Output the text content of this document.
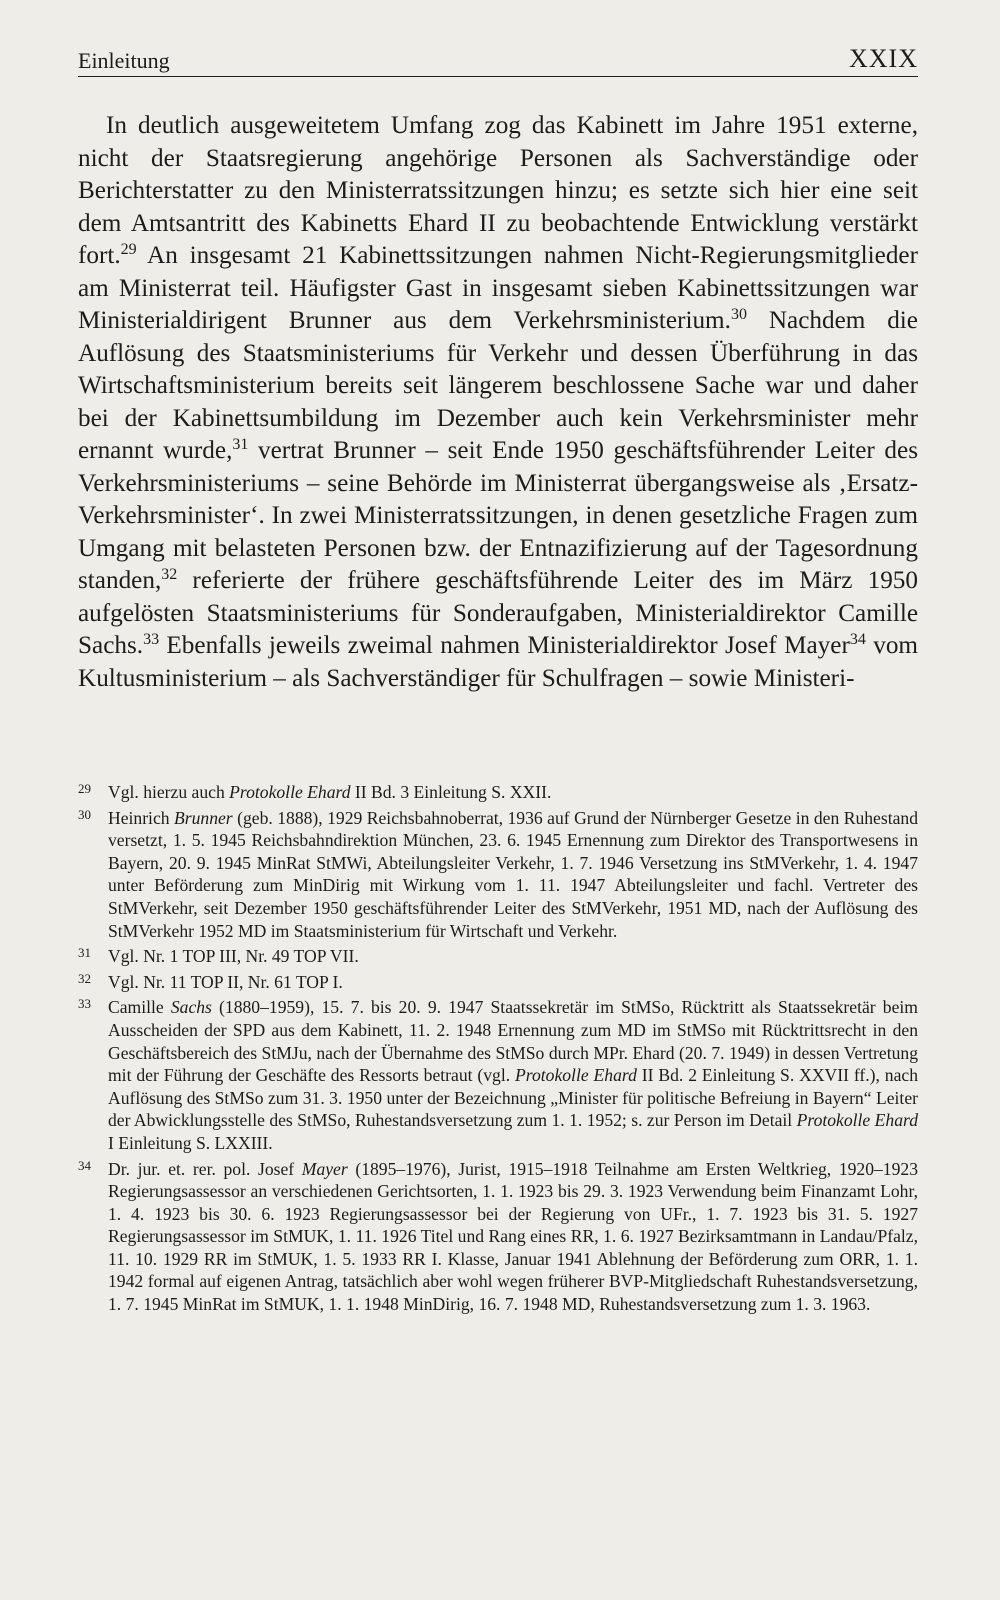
Einleitung	XXIX

In deutlich ausgeweitetem Umfang zog das Kabinett im Jahre 1951 externe, nicht der Staatsregierung angehörige Personen als Sachverständige oder Berichterstatter zu den Ministerratssitzungen hinzu; es setzte sich hier eine seit dem Amtsantritt des Kabinetts Ehard II zu beobachtende Entwicklung verstärkt fort.$^{29}$ An insgesamt 21 Kabinettssitzungen nahmen Nicht-Regierungsmitglieder am Ministerrat teil. Häufigster Gast in insgesamt sieben Kabinettssitzungen war Ministerialdirigent Brunner aus dem Verkehrsministerium.$^{30}$ Nachdem die Auflösung des Staatsministeriums für Verkehr und dessen Überführung in das Wirtschaftsministerium bereits seit längerem beschlossene Sache war und daher bei der Kabinettsumbildung im Dezember auch kein Verkehrsminister mehr ernannt wurde,$^{31}$ vertrat Brunner – seit Ende 1950 geschäftsführender Leiter des Verkehrsministeriums – seine Behörde im Ministerrat übergangsweise als ‚Ersatz-Verkehrsminister‘. In zwei Ministerratssitzungen, in denen gesetzliche Fragen zum Umgang mit belasteten Personen bzw. der Entnazifizierung auf der Tagesordnung standen,$^{32}$ referierte der frühere geschäftsführende Leiter des im März 1950 aufgelösten Staatsministeriums für Sonderaufgaben, Ministerialdirektor Camille Sachs.$^{33}$ Ebenfalls jeweils zweimal nahmen Ministerialdirektor Josef Mayer$^{34}$ vom Kultusministerium – als Sachverständiger für Schulfragen – sowie Ministeri-

29 Vgl. hierzu auch Protokolle Ehard II Bd. 3 Einleitung S. XXII.
30 Heinrich Brunner (geb. 1888), 1929 Reichsbahnoberrat, 1936 auf Grund der Nürnberger Gesetze in den Ruhestand versetzt, 1. 5. 1945 Reichsbahndirektion München, 23. 6. 1945 Ernennung zum Direktor des Transportwesens in Bayern, 20. 9. 1945 MinRat StMWi, Abteilungsleiter Verkehr, 1. 7. 1946 Versetzung ins StMVerkehr, 1. 4. 1947 unter Beförderung zum MinDirig mit Wirkung vom 1. 11. 1947 Abteilungsleiter und fachl. Vertreter des StMVerkehr, seit Dezember 1950 geschäftsführender Leiter des StMVerkehr, 1951 MD, nach der Auflösung des StMVerkehr 1952 MD im Staatsministerium für Wirtschaft und Verkehr.
31 Vgl. Nr. 1 TOP III, Nr. 49 TOP VII.
32 Vgl. Nr. 11 TOP II, Nr. 61 TOP I.
33 Camille Sachs (1880–1959), 15. 7. bis 20. 9. 1947 Staatssekretär im StMSo, Rücktritt als Staatssekretär beim Ausscheiden der SPD aus dem Kabinett, 11. 2. 1948 Ernennung zum MD im StMSo mit Rücktrittsrecht in den Geschäftsbereich des StMJu, nach der Übernahme des StMSo durch MPr. Ehard (20. 7. 1949) in dessen Vertretung mit der Führung der Geschäfte des Ressorts betraut (vgl. Protokolle Ehard II Bd. 2 Einleitung S. XXVII ff.), nach Auflösung des StMSo zum 31. 3. 1950 unter der Bezeichnung „Minister für politische Befreiung in Bayern“ Leiter der Abwicklungsstelle des StMSo, Ruhestandsversetzung zum 1. 1. 1952; s. zur Person im Detail Protokolle Ehard I Einleitung S. LXXIII.
34 Dr. jur. et. rer. pol. Josef Mayer (1895–1976), Jurist, 1915–1918 Teilnahme am Ersten Weltkrieg, 1920–1923 Regierungsassessor an verschiedenen Gerichtsorten, 1. 1. 1923 bis 29. 3. 1923 Verwendung beim Finanzamt Lohr, 1. 4. 1923 bis 30. 6. 1923 Regierungsassessor bei der Regierung von UFr., 1. 7. 1923 bis 31. 5. 1927 Regierungsassessor im StMUK, 1. 11. 1926 Titel und Rang eines RR, 1. 6. 1927 Bezirksamtmann in Landau/Pfalz, 11. 10. 1929 RR im StMUK, 1. 5. 1933 RR I. Klasse, Januar 1941 Ablehnung der Beförderung zum ORR, 1. 1. 1942 formal auf eigenen Antrag, tatsächlich aber wohl wegen früherer BVP-Mitgliedschaft Ruhestandsversetzung, 1. 7. 1945 MinRat im StMUK, 1. 1. 1948 MinDirig, 16. 7. 1948 MD, Ruhestandsversetzung zum 1. 3. 1963.
